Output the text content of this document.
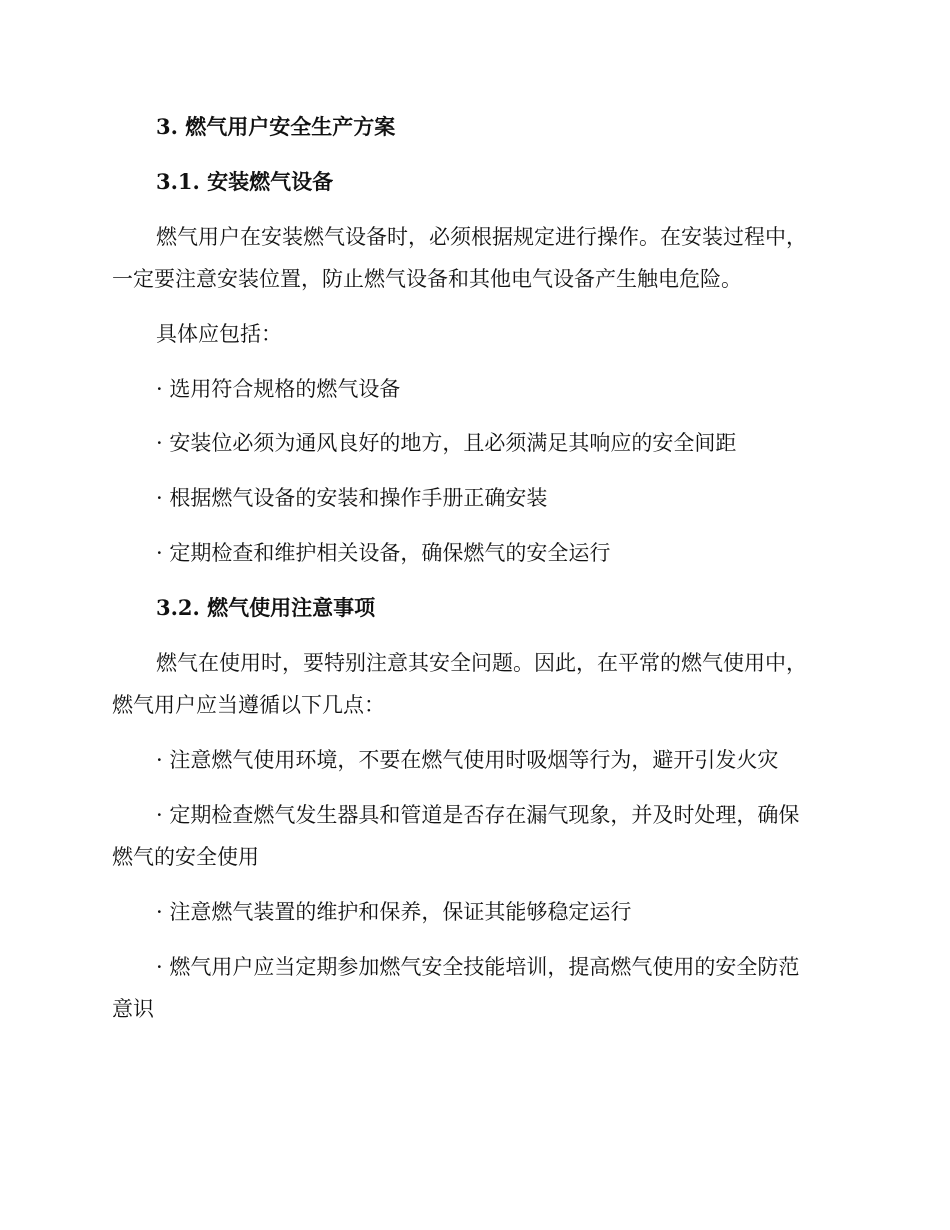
3. 燃气用户安全生产方案
3.1. 安装燃气设备
燃气用户在安装燃气设备时，必须根据规定进行操作。在安装过程中，
一定要注意安装位置，防止燃气设备和其他电气设备产生触电危险。
具体应包括：
· 选用符合规格的燃气设备
· 安装位必须为通风良好的地方，且必须满足其响应的安全间距
· 根据燃气设备的安装和操作手册正确安装
· 定期检查和维护相关设备，确保燃气的安全运行
3.2. 燃气使用注意事项
燃气在使用时，要特别注意其安全问题。因此，在平常的燃气使用中，
燃气用户应当遵循以下几点：
· 注意燃气使用环境，不要在燃气使用时吸烟等行为，避开引发火灾
· 定期检查燃气发生器具和管道是否存在漏气现象，并及时处理，确保
燃气的安全使用
· 注意燃气装置的维护和保养，保证其能够稳定运行
· 燃气用户应当定期参加燃气安全技能培训，提高燃气使用的安全防范
意识
